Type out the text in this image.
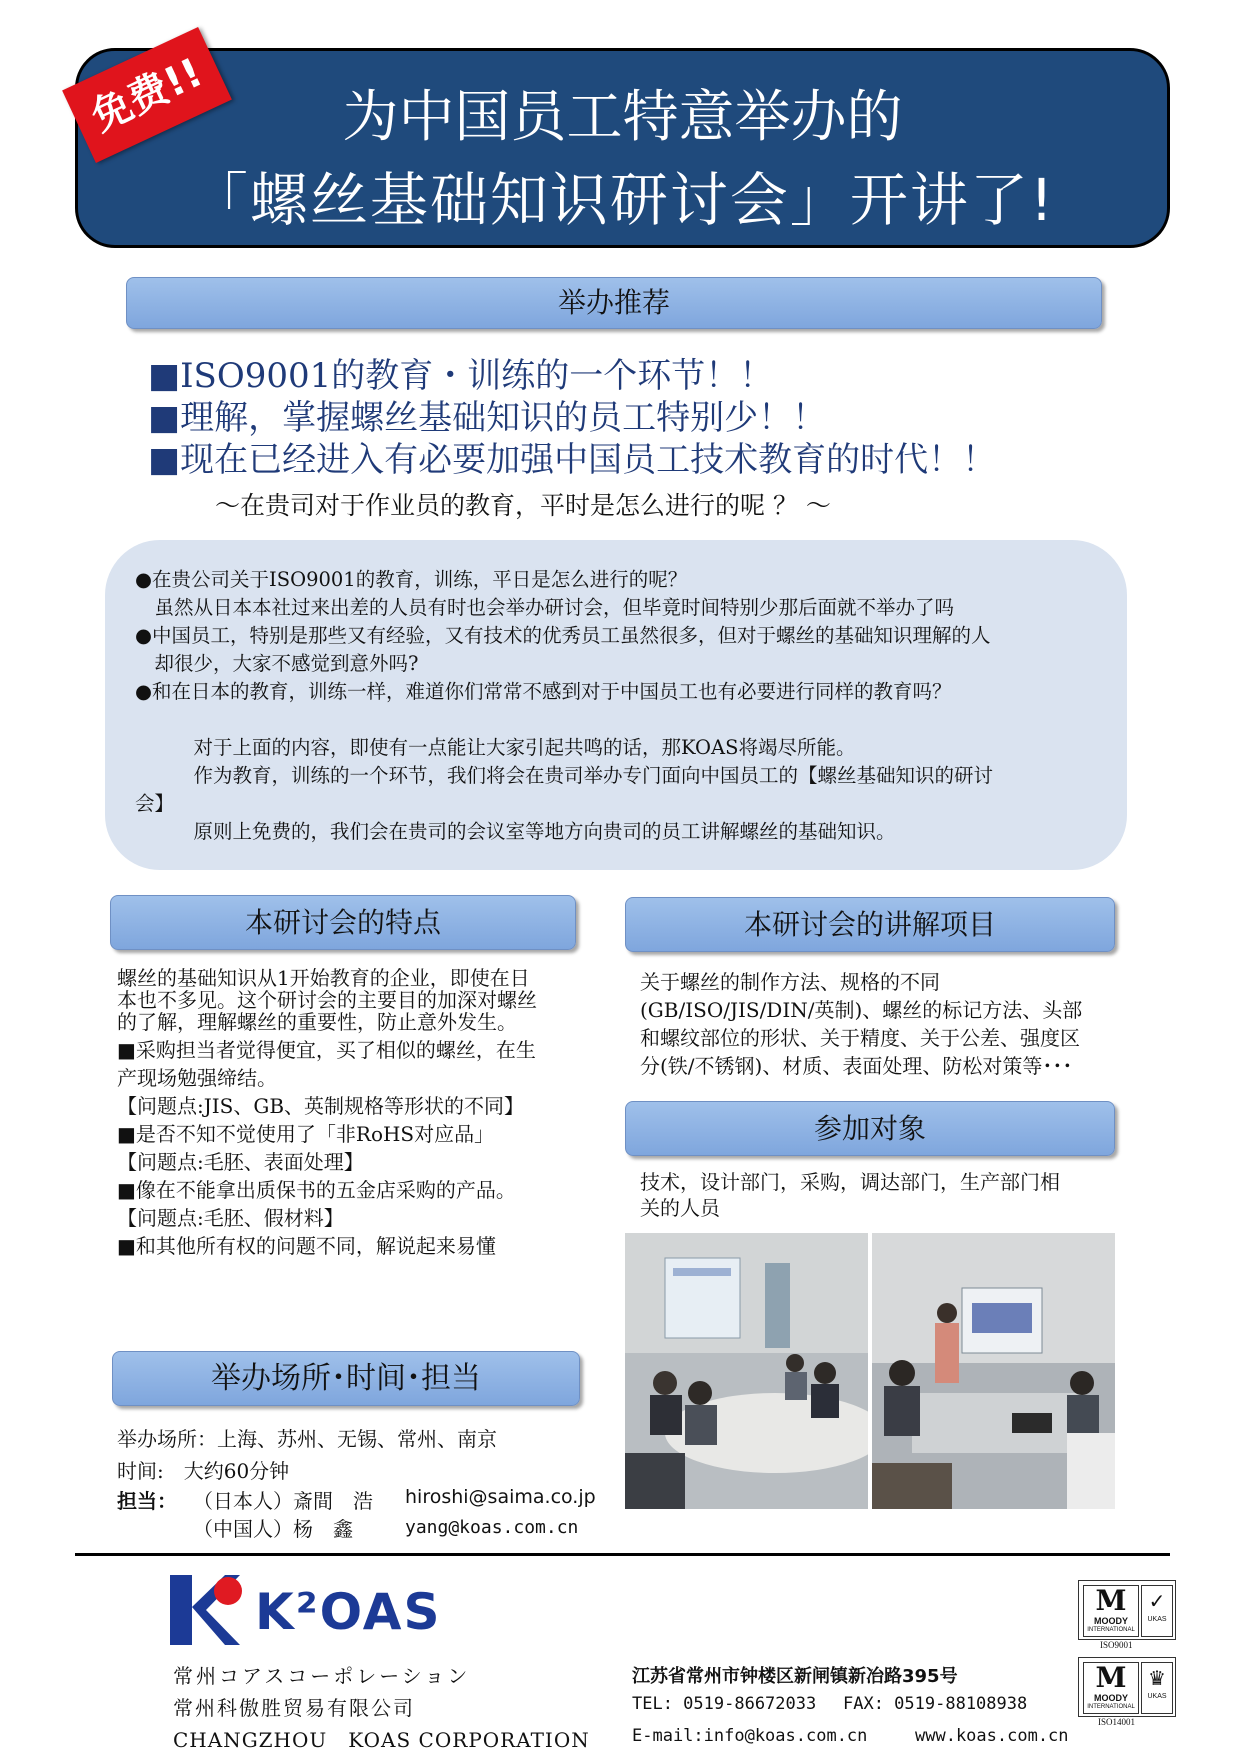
为中国员工特意举办的
「螺丝基础知识研讨会」开讲了!
免费!!
举办推荐
■ISO9001的教育・训练的一个环节！！
■理解，掌握螺丝基础知识的员工特别少！！
■现在已经进入有必要加强中国员工技术教育的时代！！
～在贵司对于作业员的教育，平时是怎么进行的呢 ？ ～
●在贵公司关于ISO9001的教育，训练，平日是怎么进行的呢？
　虽然从日本本社过来出差的人员有时也会举办研讨会，但毕竟时间特别少那后面就不举办了吗
●中国员工，特别是那些又有经验，又有技术的优秀员工虽然很多，但对于螺丝的基础知识理解的人
　却很少，大家不感觉到意外吗?
●和在日本的教育，训练一样，难道你们常常不感到对于中国员工也有必要进行同样的教育吗？
　　　对于上面的内容，即使有一点能让大家引起共鸣的话，那KOAS将竭尽所能。
　　　作为教育，训练的一个环节，我们将会在贵司举办专门面向中国员工的【螺丝基础知识的研讨
会】
　　　原则上免费的，我们会在贵司的会议室等地方向贵司的员工讲解螺丝的基础知识。
本研讨会的特点
螺丝的基础知识从1开始教育的企业，即使在日
本也不多见。这个研讨会的主要目的加深对螺丝
的了解，理解螺丝的重要性，防止意外发生。
■采购担当者觉得便宜，买了相似的螺丝，在生
产现场勉强缔结。
【问题点:JIS、GB、英制规格等形状的不同】
■是否不知不觉使用了「非RoHS对应品」
【问题点:毛胚、表面处理】
■像在不能拿出质保书的五金店采购的产品。
【问题点:毛胚、假材料】
■和其他所有权的问题不同，解说起来易懂
本研讨会的讲解项目
关于螺丝的制作方法、规格的不同
(GB/ISO/JIS/DIN/英制)、螺丝的标记方法、头部
和螺纹部位的形状、关于精度、关于公差、强度区
分(铁/不锈钢)、材质、表面处理、防松对策等･･･
参加对象
技术，设计部门，采购，调达部门，生产部门相
关的人员
举办场所･时间･担当
举办场所：上海、苏州、无锡、常州、南京
时间:　大约60分钟
担当： （日本人）斎間　浩
（中国人）杨　鑫
hiroshi@saima.co.jp
yang@koas.com.cn
K²OAS
常州コアスコーポレーション
常州科傲胜贸易有限公司
CHANGZHOU　KOAS CORPORATION
江苏省常州市钟楼区新闸镇新冶路395号
TEL: 0519-86672033 FAX: 0519-88108938
E-mail:info@koas.com.cn	www.koas.com.cn
M
MOODY
INTERNATIONAL
✓
UKAS
ISO9001
M
MOODY
INTERNATIONAL
♛
UKAS
ISO14001
